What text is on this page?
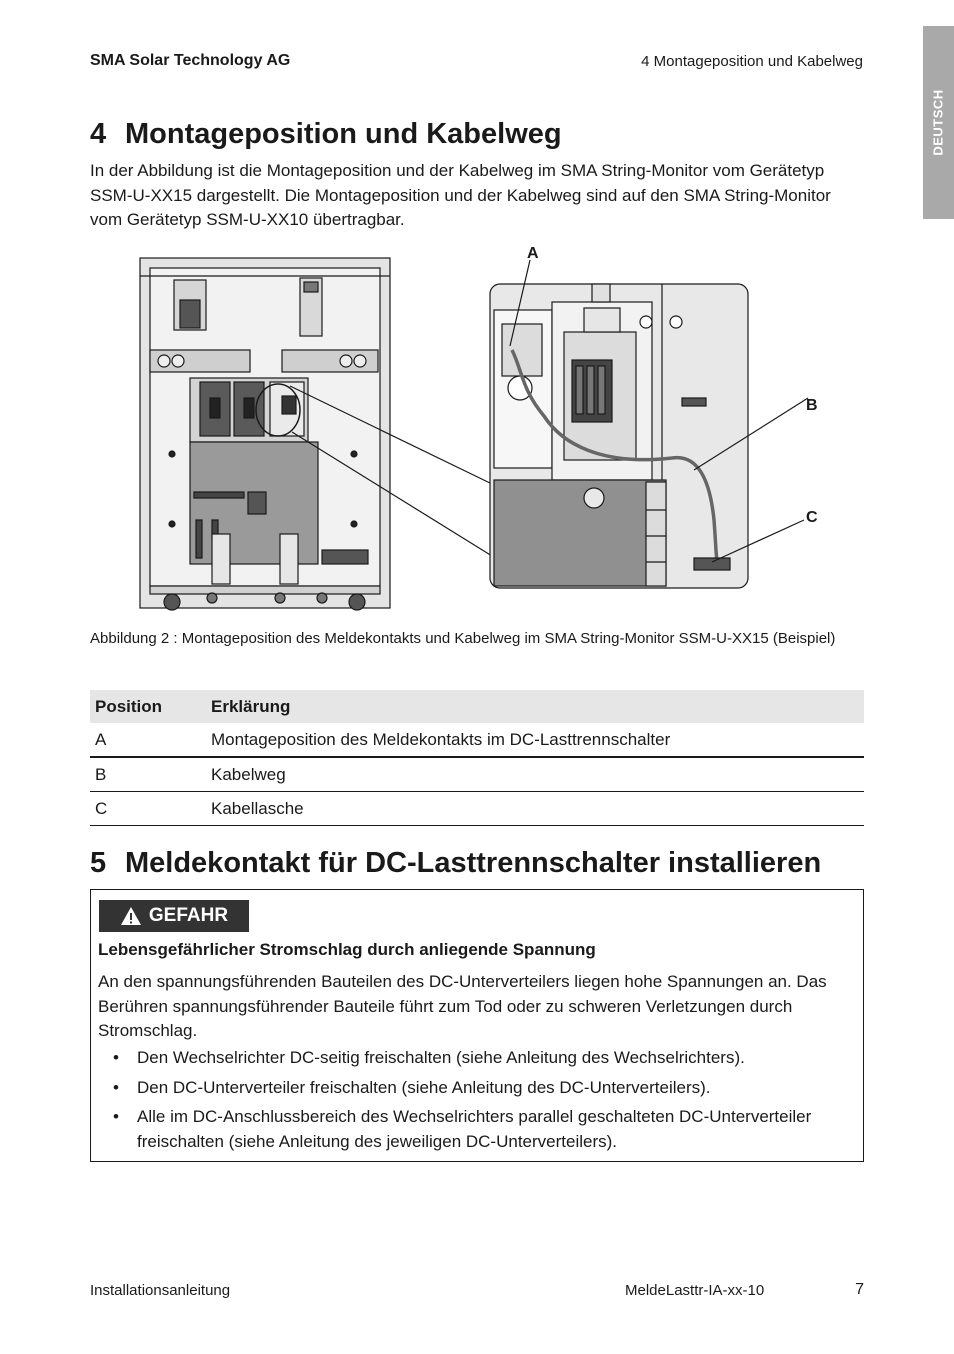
SMA Solar Technology AG	4 Montageposition und Kabelweg
DEUTSCH
4 Montageposition und Kabelweg

In der Abbildung ist die Montageposition und der Kabelweg im SMA String-Monitor vom Gerätetyp SSM-U-XX15 dargestellt. Die Montageposition und der Kabelweg sind auf den SMA String-Monitor vom Gerätetyp SSM-U-XX10 übertragbar.

A
B
C

Abbildung 2 : Montageposition des Meldekontakts und Kabelweg im SMA String-Monitor SSM-U-XX15 (Beispiel)

Position	Erklärung
A	Montageposition des Meldekontakts im DC-Lasttrennschalter
B	Kabelweg
C	Kabellasche
5 Meldekontakt für DC-Lasttrennschalter installieren
GEFAHR
Lebensgefährlicher Stromschlag durch anliegende Spannung

An den spannungsführenden Bauteilen des DC-Unterverteilers liegen hohe Spannungen an. Das Berühren spannungsführender Bauteile führt zum Tod oder zu schweren Verletzungen durch Stromschlag.

• Den Wechselrichter DC-seitig freischalten (siehe Anleitung des Wechselrichters).
• Den DC-Unterverteiler freischalten (siehe Anleitung des DC-Unterverteilers).
• Alle im DC-Anschlussbereich des Wechselrichters parallel geschalteten DC-Unterverteiler freischalten (siehe Anleitung des jeweiligen DC-Unterverteilers).
Installationsanleitung	MeldeLasttr-IA-xx-10	7
